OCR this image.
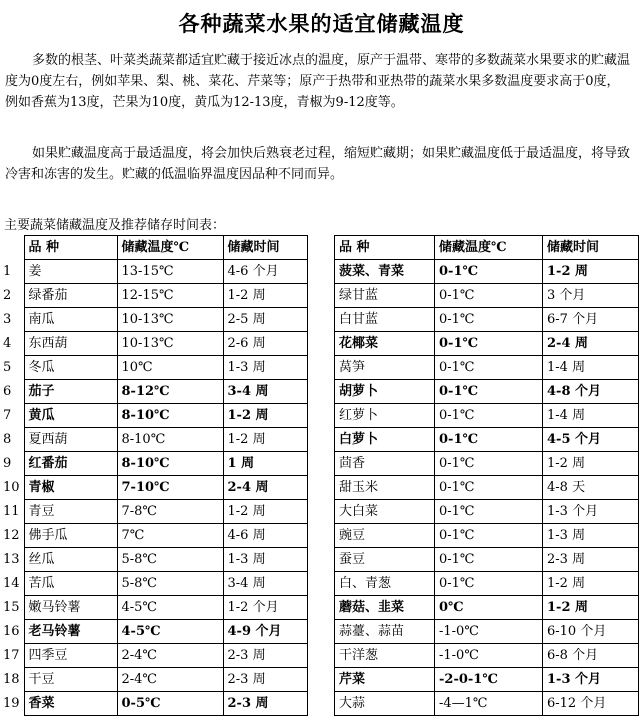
各种蔬菜水果的适宜储藏温度

多数的根茎、叶菜类蔬菜都适宜贮藏于接近冰点的温度，原产于温带、寒带的多数蔬菜水果要求的贮藏温度为0度左右，例如苹果、梨、桃、菜花、芹菜等；原产于热带和亚热带的蔬菜水果多数温度要求高于0度，例如香蕉为13度，芒果为10度，黄瓜为12-13度，青椒为9-12度等。

如果贮藏温度高于最适温度，将会加快后熟衰老过程，缩短贮藏期；如果贮藏温度低于最适温度，将导致冷害和冻害的发生。贮藏的低温临界温度因品种不同而异。

主要蔬菜储藏温度及推荐储存时间表：
	品 种	储藏温度℃	储藏时间
1	姜	13-15℃	4-6 个月
2	绿番茄	12-15℃	1-2 周
3	南瓜	10-13℃	2-5 周
4	东西葫	10-13℃	2-6 周
5	冬瓜	10℃	1-3 周
6	茄子	8-12℃	3-4 周
7	黄瓜	8-10℃	1-2 周
8	夏西葫	8-10℃	1-2 周
9	红番茄	8-10℃	1 周
10	青椒	7-10℃	2-4 周
11	青豆	7-8℃	1-2 周
12	佛手瓜	7℃	4-6 周
13	丝瓜	5-8℃	1-3 周
14	苦瓜	5-8℃	3-4 周
15	嫩马铃薯	4-5℃	1-2 个月
16	老马铃薯	4-5℃	4-9 个月
17	四季豆	2-4℃	2-3 周
18	干豆	2-4℃	2-3 周
19	香菜	0-5℃	2-3 周
品 种	储藏温度℃	储藏时间
菠菜、青菜	0-1℃	1-2 周
绿甘蓝	0-1℃	3 个月
白甘蓝	0-1℃	6-7 个月
花椰菜	0-1℃	2-4 周
莴笋	0-1℃	1-4 周
胡萝卜	0-1℃	4-8 个月
红萝卜	0-1℃	1-4 周
白萝卜	0-1℃	4-5 个月
茴香	0-1℃	1-2 周
甜玉米	0-1℃	4-8 天
大白菜	0-1℃	1-3 个月
豌豆	0-1℃	1-3 周
蚕豆	0-1℃	2-3 周
白、青葱	0-1℃	1-2 周
蘑菇、韭菜	0℃	1-2 周
蒜薹、蒜苗	-1-0℃	6-10 个月
干洋葱	-1-0℃	6-8 个月
芹菜	-2-0-1℃	1-3 个月
大蒜	-4—1℃	6-12 个月
